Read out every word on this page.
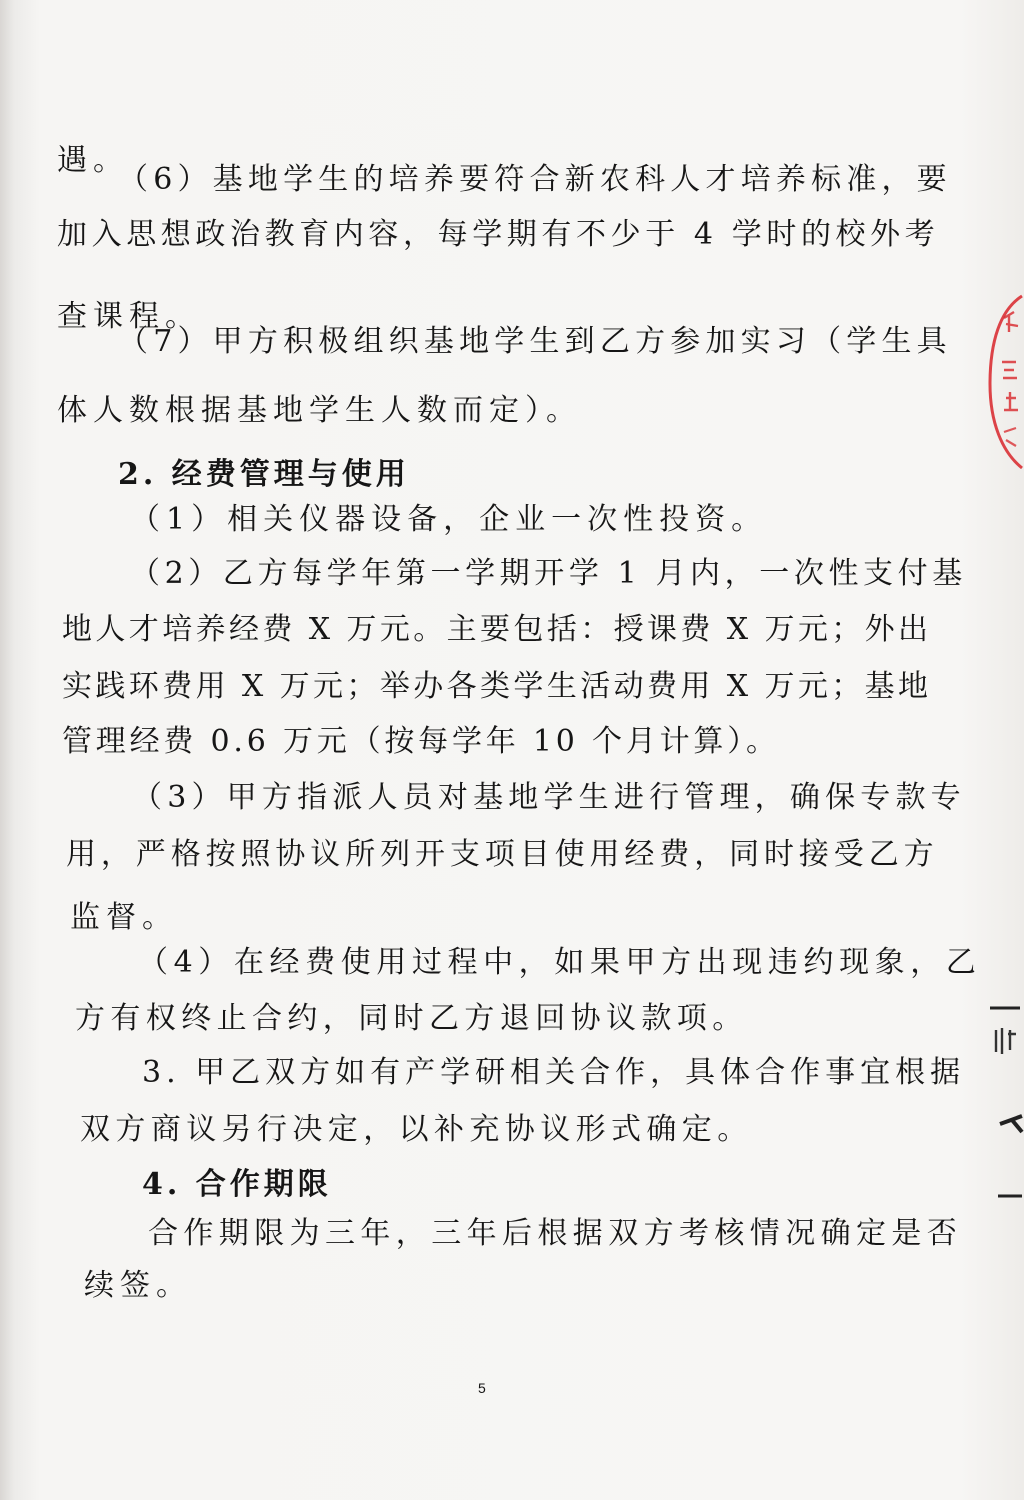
遇。
（6）基地学生的培养要符合新农科人才培养标准，要
加入思想政治教育内容，每学期有不少于 4 学时的校外考
查课程。
（7）甲方积极组织基地学生到乙方参加实习（学生具
体人数根据基地学生人数而定）。
2. 经费管理与使用
（1）相关仪器设备，企业一次性投资。
（2）乙方每学年第一学期开学 1 月内，一次性支付基
地人才培养经费 X 万元。主要包括：授课费 X 万元；外出
实践环费用 X 万元；举办各类学生活动费用 X 万元；基地
管理经费 0.6 万元（按每学年 10 个月计算）。
（3）甲方指派人员对基地学生进行管理，确保专款专
用，严格按照协议所列开支项目使用经费，同时接受乙方
监督。
（4）在经费使用过程中，如果甲方出现违约现象，乙
方有权终止合约，同时乙方退回协议款项。
3. 甲乙双方如有产学研相关合作，具体合作事宜根据
双方商议另行决定，以补充协议形式确定。
4. 合作期限
合作期限为三年，三年后根据双方考核情况确定是否
续签。
5
